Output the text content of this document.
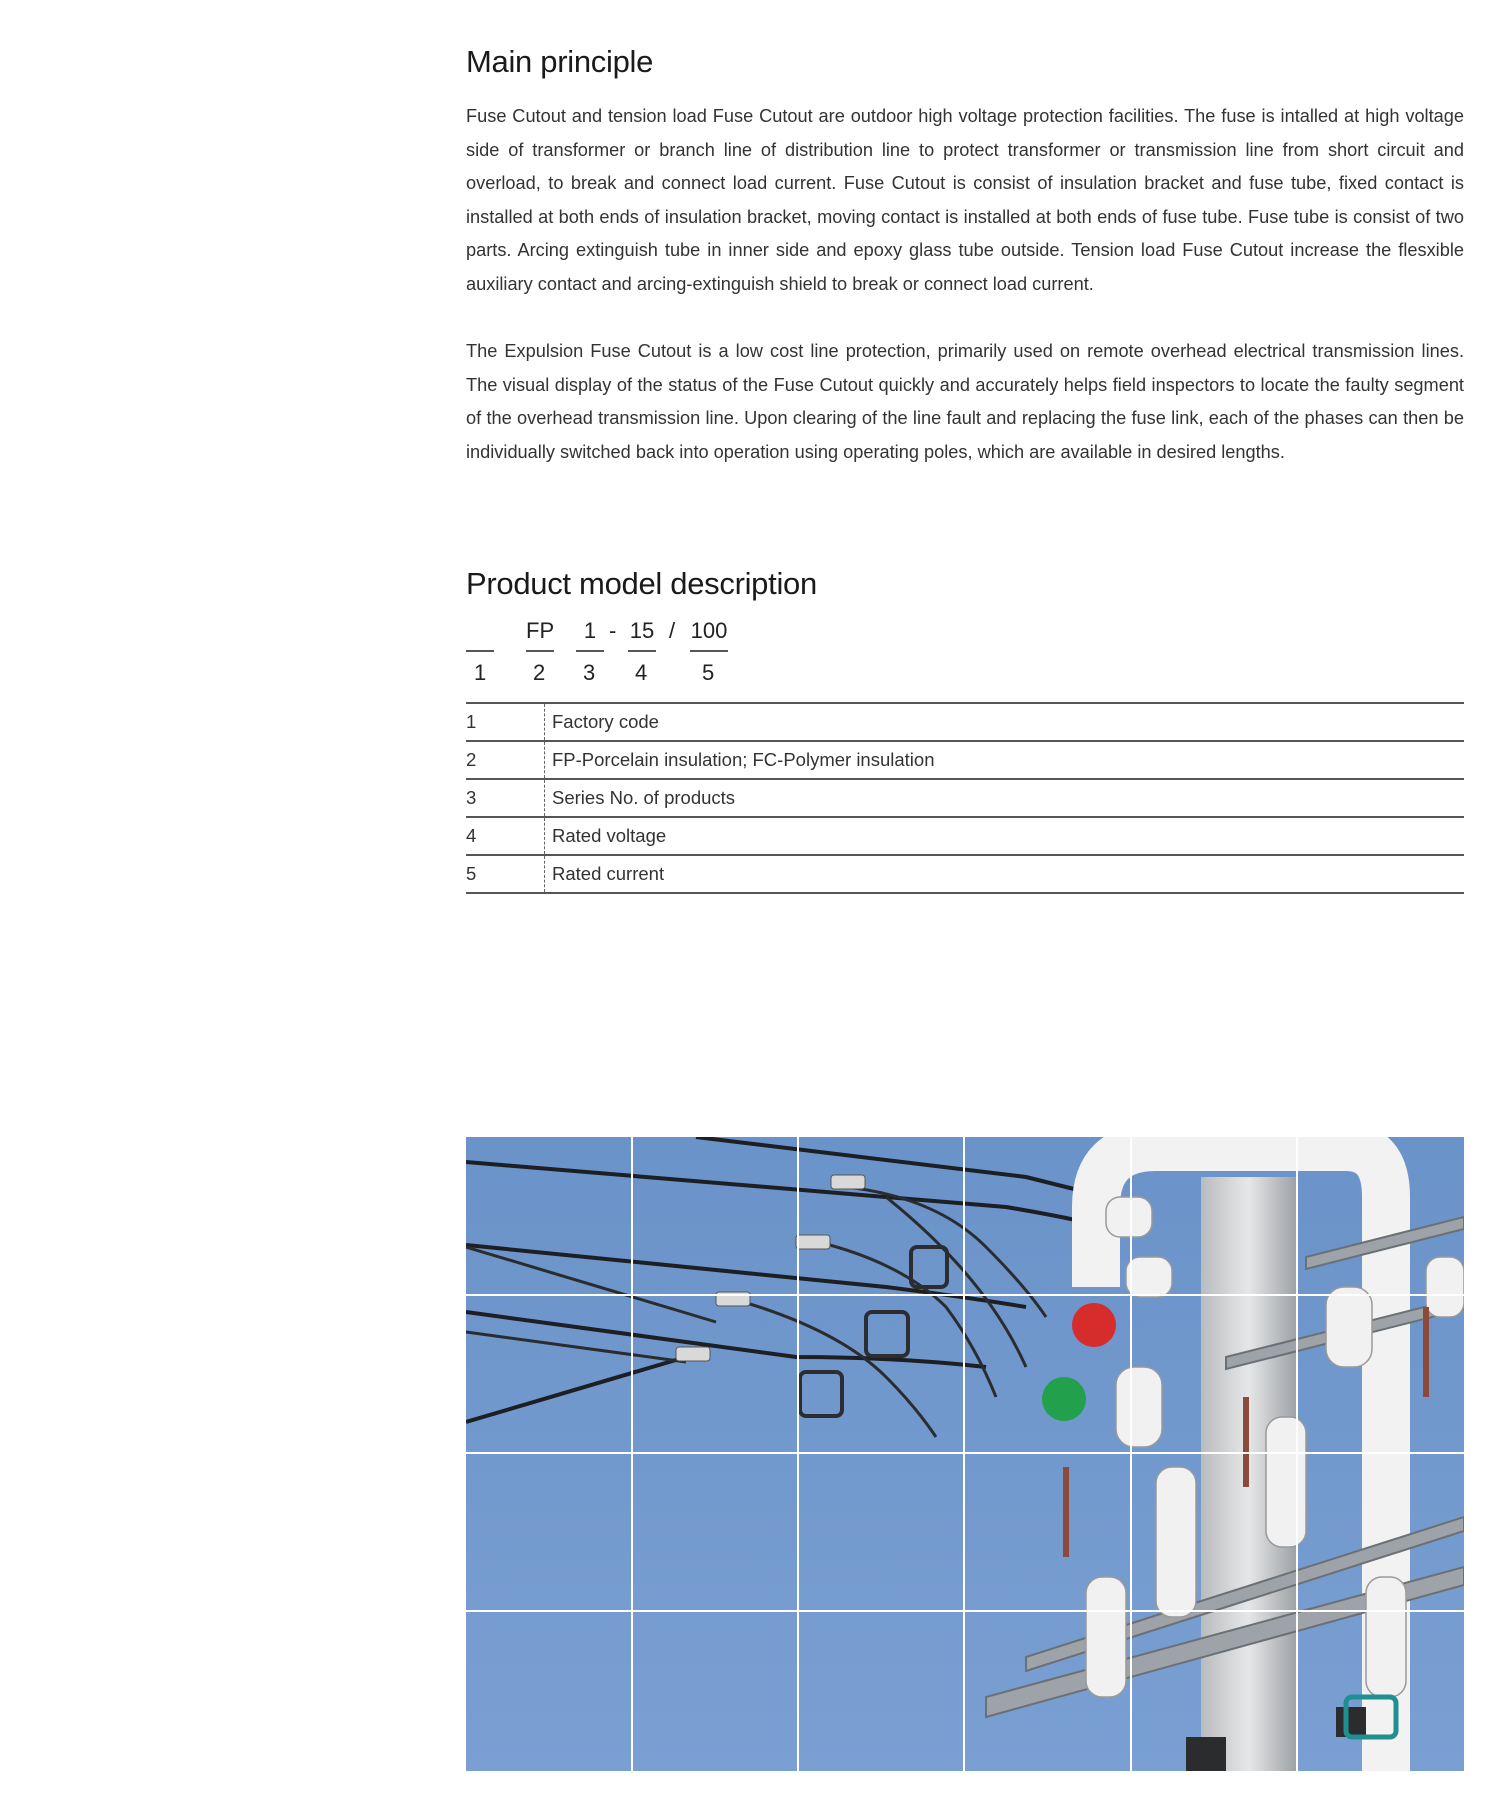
Main principle

Fuse Cutout and tension load Fuse Cutout are outdoor high voltage protection facilities. The fuse is intalled at high voltage side of transformer or branch line of distribution line to protect transformer or transmission line from short circuit and overload, to break and connect load current. Fuse Cutout is consist of insulation bracket and fuse tube, fixed contact is installed at both ends of insulation bracket, moving contact is installed at both ends of fuse tube. Fuse tube is consist of two parts. Arcing extinguish tube in inner side and epoxy glass tube outside. Tension load Fuse Cutout increase the flesxible auxiliary contact and arcing-extinguish shield to break or connect load current.

The Expulsion Fuse Cutout is a low cost line protection, primarily used on remote overhead electrical transmission lines. The visual display of the status of the Fuse Cutout quickly and accurately helps field inspectors to locate the faulty segment of the overhead transmission line. Upon clearing of the line fault and replacing the fuse link, each of the phases can then be individually switched back into operation using operating poles, which are available in desired lengths.

Product model description
FP	1 - 15 / 100
1 2 3 4 5
1	Factory code
2	FP-Porcelain insulation; FC-Polymer insulation
3	Series No. of products
4	Rated voltage
5	Rated current
